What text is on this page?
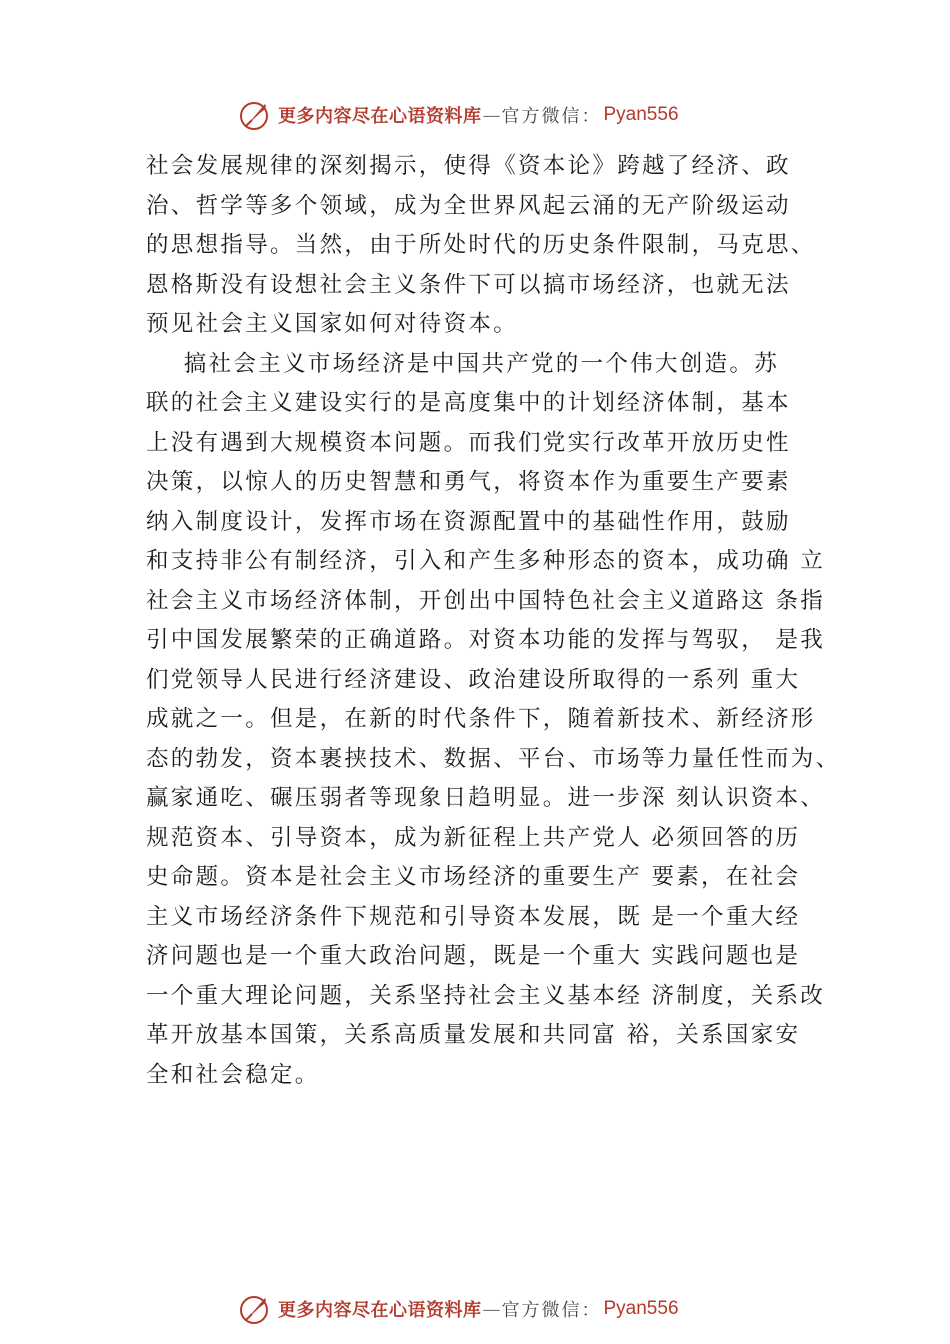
更多内容尽在心语资料库 — 官方微信： Pyan556
社会发展规律的深刻揭示，使得《资本论》跨越了经济、政
治、哲学等多个领域，成为全世界风起云涌的无产阶级运动
的思想指导。当然，由于所处时代的历史条件限制，马克思、
恩格斯没有设想社会主义条件下可以搞市场经济，也就无法
预见社会主义国家如何对待资本。
搞社会主义市场经济是中国共产党的一个伟大创造。苏
联的社会主义建设实行的是高度集中的计划经济体制，基本
上没有遇到大规模资本问题。而我们党实行改革开放历史性
决策，以惊人的历史智慧和勇气，将资本作为重要生产要素
纳入制度设计，发挥市场在资源配置中的基础性作用，鼓励
和支持非公有制经济，引入和产生多种形态的资本，成功确 立
社会主义市场经济体制，开创出中国特色社会主义道路这 条指
引中国发展繁荣的正确道路。对资本功能的发挥与驾驭， 是我
们党领导人民进行经济建设、政治建设所取得的一系列 重大
成就之一。但是，在新的时代条件下，随着新技术、新经济形
态的勃发，资本裹挟技术、数据、平台、市场等力量任性而为、
赢家通吃、碾压弱者等现象日趋明显。进一步深 刻认识资本、
规范资本、引导资本，成为新征程上共产党人 必须回答的历
史命题。资本是社会主义市场经济的重要生产 要素，在社会
主义市场经济条件下规范和引导资本发展，既 是一个重大经
济问题也是一个重大政治问题，既是一个重大 实践问题也是
一个重大理论问题，关系坚持社会主义基本经 济制度，关系改
革开放基本国策，关系高质量发展和共同富 裕，关系国家安
全和社会稳定。
更多内容尽在心语资料库 — 官方微信： Pyan556
